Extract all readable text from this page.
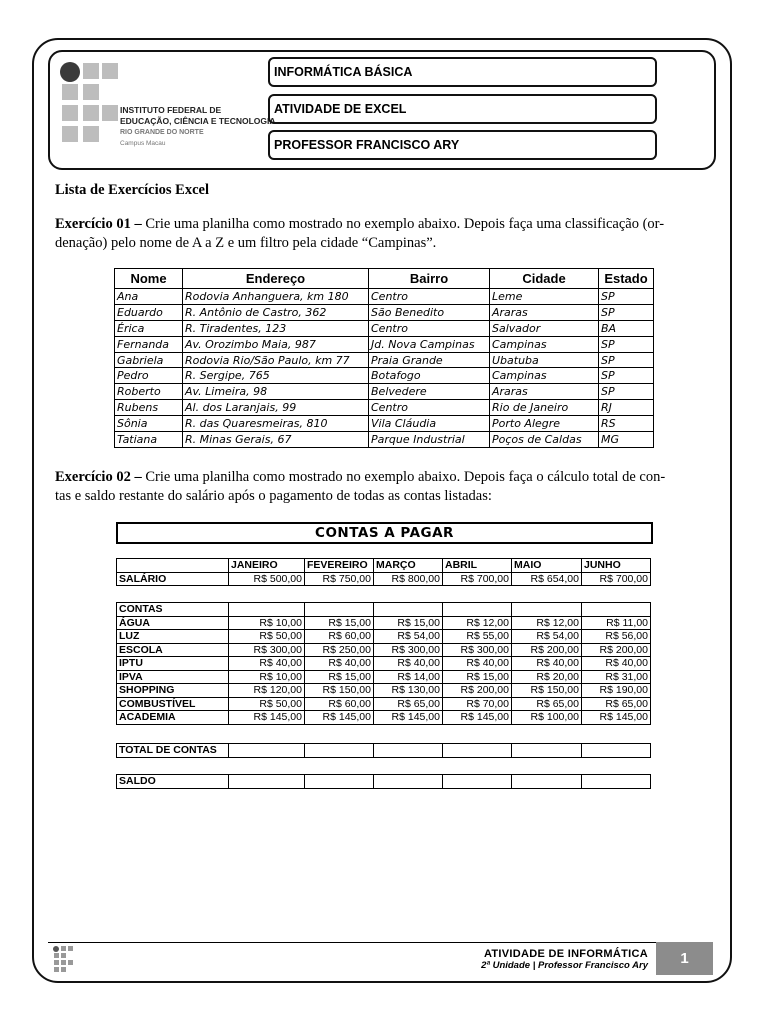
INSTITUTO FEDERAL DE
EDUCAÇÃO, CIÊNCIA E TECNOLOGIA
RIO GRANDE DO NORTE
Campus Macau
INFORMÁTICA BÁSICA
ATIVIDADE DE EXCEL
PROFESSOR FRANCISCO ARY
Lista de Exercícios Excel
Exercício 01 – Crie uma planilha como mostrado no exemplo abaixo. Depois faça uma classificação (or-
denação) pelo nome de A a Z e um filtro pela cidade “Campinas”.
Nome	Endereço	Bairro	Cidade	Estado
Ana	Rodovia Anhanguera, km 180	Centro	Leme	SP
Eduardo	R. Antônio de Castro, 362	São Benedito	Araras	SP
Érica	R. Tiradentes, 123	Centro	Salvador	BA
Fernanda	Av. Orozimbo Maia, 987	Jd. Nova Campinas	Campinas	SP
Gabriela	Rodovia Rio/São Paulo, km 77	Praia Grande	Ubatuba	SP
Pedro	R. Sergipe, 765	Botafogo	Campinas	SP
Roberto	Av. Limeira, 98	Belvedere	Araras	SP
Rubens	Al. dos Laranjais, 99	Centro	Rio de Janeiro	RJ
Sônia	R. das Quaresmeiras, 810	Vila Cláudia	Porto Alegre	RS
Tatiana	R. Minas Gerais, 67	Parque Industrial	Poços de Caldas	MG
Exercício 02 – Crie uma planilha como mostrado no exemplo abaixo. Depois faça o cálculo total de con-
tas e saldo restante do salário após o pagamento de todas as contas listadas:
CONTAS A PAGAR
	JANEIRO	FEVEREIRO	MARÇO	ABRIL	MAIO	JUNHO
SALÁRIO	R$ 500,00	R$ 750,00	R$ 800,00	R$ 700,00	R$ 654,00	R$ 700,00
CONTAS						
ÁGUA	R$ 10,00	R$ 15,00	R$ 15,00	R$ 12,00	R$ 12,00	R$ 11,00
LUZ	R$ 50,00	R$ 60,00	R$ 54,00	R$ 55,00	R$ 54,00	R$ 56,00
ESCOLA	R$ 300,00	R$ 250,00	R$ 300,00	R$ 300,00	R$ 200,00	R$ 200,00
IPTU	R$ 40,00	R$ 40,00	R$ 40,00	R$ 40,00	R$ 40,00	R$ 40,00
IPVA	R$ 10,00	R$ 15,00	R$ 14,00	R$ 15,00	R$ 20,00	R$ 31,00
SHOPPING	R$ 120,00	R$ 150,00	R$ 130,00	R$ 200,00	R$ 150,00	R$ 190,00
COMBUSTÍVEL	R$ 50,00	R$ 60,00	R$ 65,00	R$ 70,00	R$ 65,00	R$ 65,00
ACADEMIA	R$ 145,00	R$ 145,00	R$ 145,00	R$ 145,00	R$ 100,00	R$ 145,00
TOTAL DE CONTAS						
SALDO						
ATIVIDADE DE INFORMÁTICA
2ª Unidade | Professor Francisco Ary	1
